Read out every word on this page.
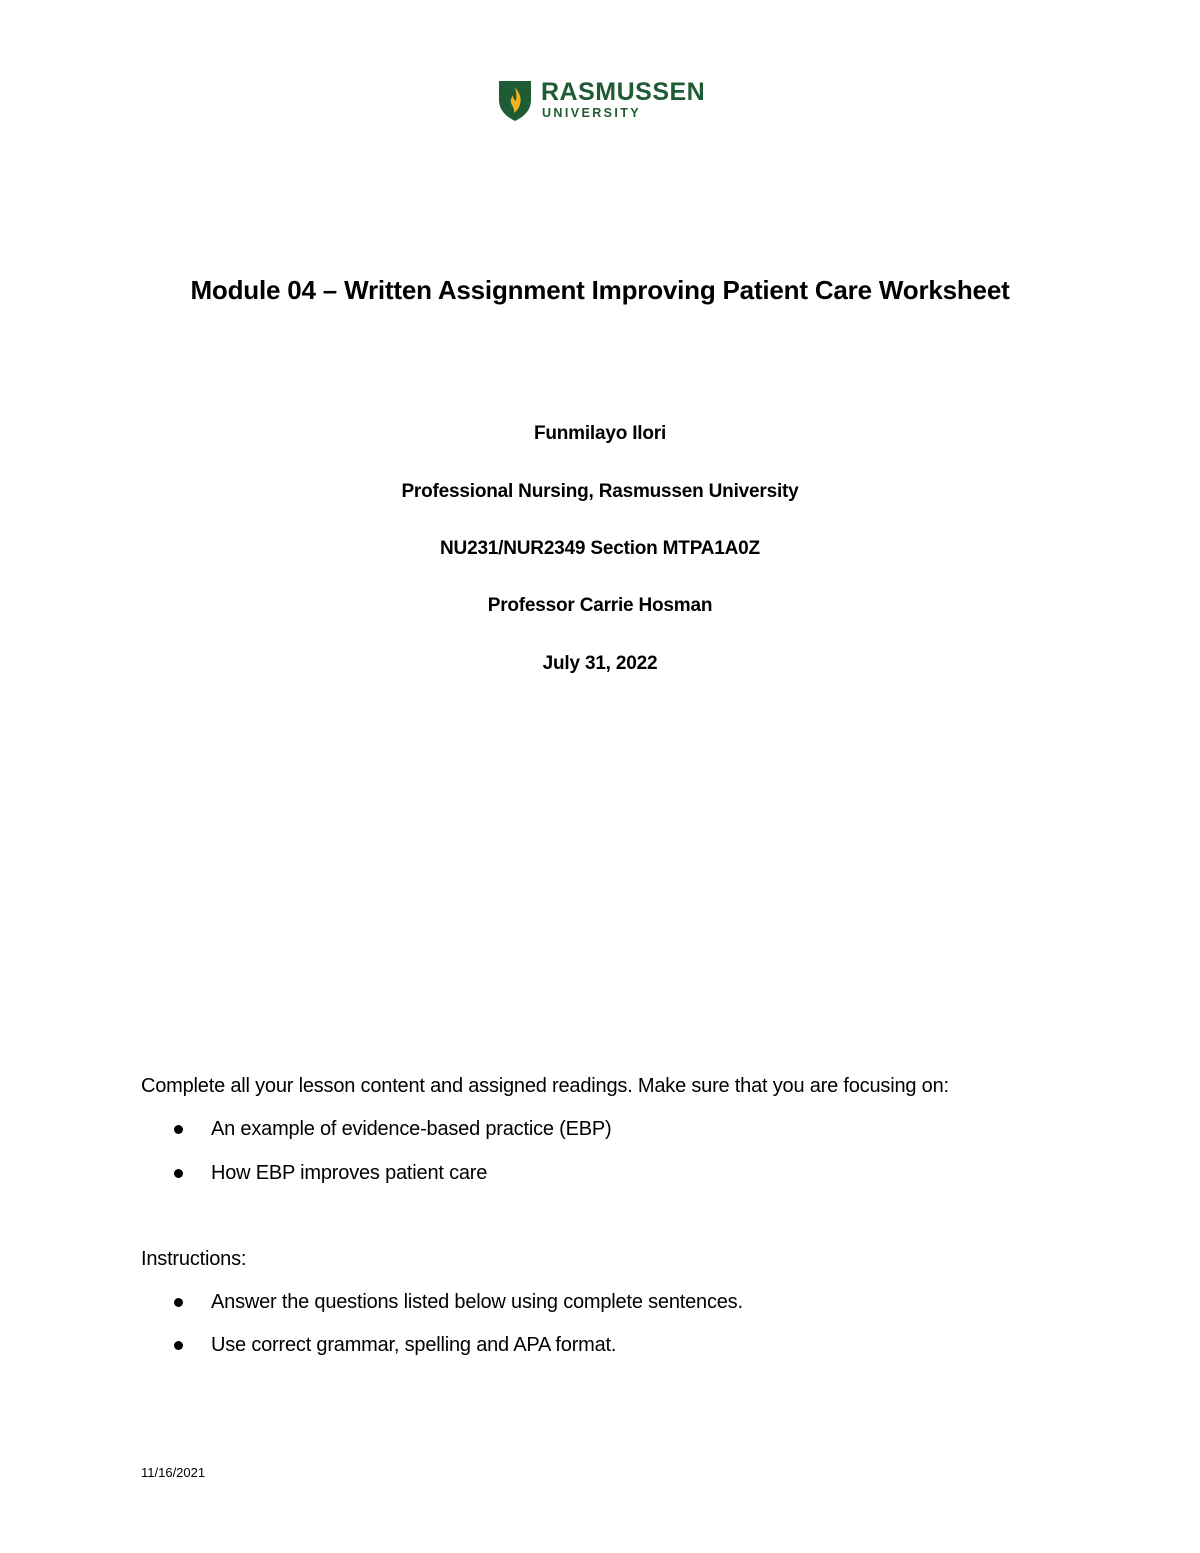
RASMUSSEN
UNIVERSITY
Module 04 – Written Assignment Improving Patient Care Worksheet
Funmilayo Ilori
Professional Nursing, Rasmussen University
NU231/NUR2349 Section MTPA1A0Z
Professor Carrie Hosman
July 31, 2022
Complete all your lesson content and assigned readings. Make sure that you are focusing on:
An example of evidence-based practice (EBP)
How EBP improves patient care
Instructions:
Answer the questions listed below using complete sentences.
Use correct grammar, spelling and APA format.
11/16/2021
